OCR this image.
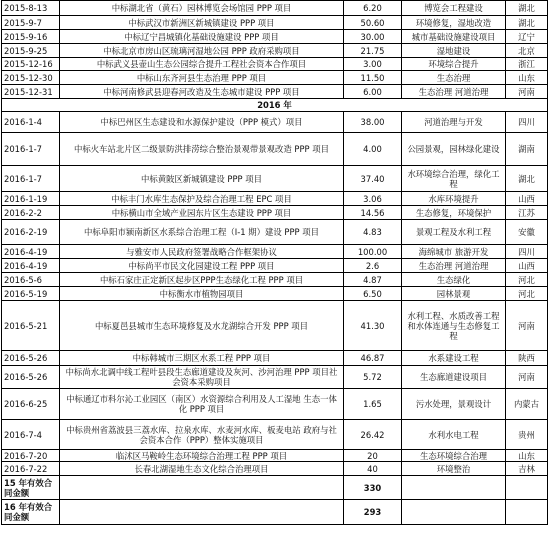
2015-8-13	中标湖北省（黄石）园林博览会场馆园 PPP 项目	6.20	博览会工程建设	湖北
2015-9-7	中标武汉市新洲区新城镇建设 PPP 项目	50.60	环境修复，湿地改造	湖北
2015-9-16	中标辽宁昌城镇化基础设施建设 PPP 项目	30.00	城市基础设施建设项目	辽宁
2015-9-25	中标北京市房山区琉璃河湿地公园 PPP 政府采购项目	21.75	湿地建设	北京
2015-12-16	中标武义县壶山生态公园综合提升工程社会资本合作项目	3.00	环境综合提升	浙江
2015-12-30	中标山东齐河县生态治理 PPP 项目	11.50	生态治理	山东
2015-12-31	中标河南修武县迎春河改造及生态城市建设 PPP 项目	6.00	生态治理 河道治理	河南
2016 年				
2016-1-4	中标巴州区生态建设和水源保护建设（PPP 模式）项目	38.00	河道治理与开发	四川
2016-1-7	中标火车站北片区二级景防洪排涝综合整治景观带景观改造 PPP 项目	4.00	公园景观，园林绿化建设	湖南
2016-1-7	中标黄陂区新城镇建设 PPP 项目	37.40	水环境综合治理，绿化工程	湖北
2016-1-19	中标丰门水库生态保护及综合治理工程 EPC 项目	3.06	水库环境提升	山西
2016-2-2	中标横山市全域产业园东片区生态建设 PPP 项目	14.56	生态修复，环境保护	江苏
2016-2-19	中标阜阳市颍南新区水系综合治理工程（Ⅰ-1 期）建设 PPP 项目	4.83	景观工程及水利工程	安徽
2016-4-19	与雅安市人民政府签署战略合作框架协议	100.00	海绵城市 旅游开发	四川
2016-4-19	中标尚平市民文化园建设工程 PPP 项目	2.6	生态治理 河道治理	山西
2016-5-6	中标石家庄正定新区起步区PPP生态绿化工程 PPP 项目	4.87	生态绿化	河北
2016-5-19	中标衡水市植物园项目	6.50	园林景观	河北
2016-5-21	中标夏邑县城市生态环境修复及水龙湖综合开发 PPP 项目	41.30	水利工程、水质改善工程和水体连通与生态修复工程	河南
2016-5-26	中标韩城市三期区水系工程 PPP 项目	46.87	水系建设工程	陕西
2016-5-26	中标尚水北调中线工程叶县段生态廊道建设及灰河、沙河治理 PPP 项目社会资本采购项目	5.72	生态廊道建设项目	河南
2016-6-25	中标通辽市科尔沁工业园区（南区）水资源综合利用及人工湿地 生态一体化 PPP 项目	1.65	污水处理，景观设计	内蒙古
2016-7-4	中标贵州省荔波县三荔水库、拉泉水库、水麦河水库、板麦电站 政府与社会资本合作（PPP）整体实施项目	26.42	水利水电工程	贵州
2016-7-20	临沭区马鞍岭生态环境综合治理工程 PPP 项目	20	生态环境综合治理	山东
2016-7-22	长春北湖湿地生态文化综合治理项目	40	环境整治	吉林
15 年有效合同金额		330		
16 年有效合同金额		293		
